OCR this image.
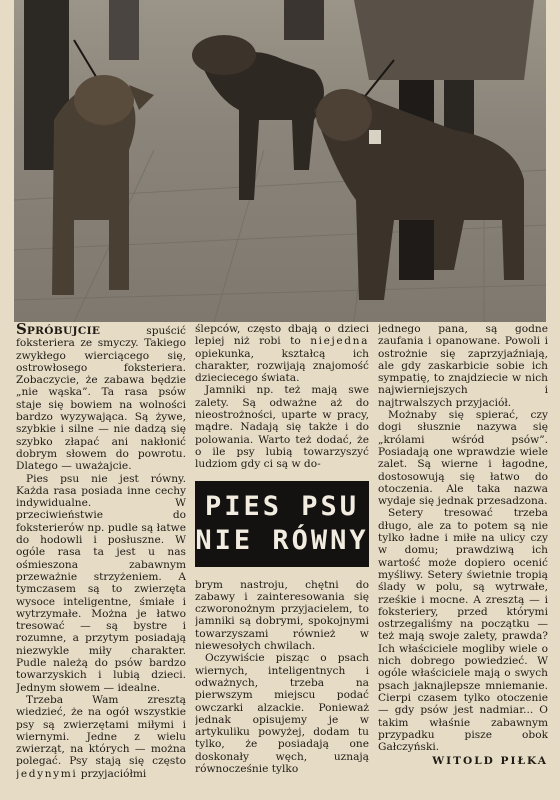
SPRÓBUJCIE spuścić foksteriera ze smyczy. Takiego zwykłego wierciącego się, ostrowłosego foksteriera. Zobaczycie, że zabawa będzie „nie wąska”. Ta rasa psów staje się bowiem na wolności bardzo wyzywająca. Są żywe, szybkie i silne — nie dadzą się szybko złapać ani nakłonić dobrym słowem do powrotu. Dlatego — uważajcie.

Pies psu nie jest równy. Każda rasa posiada inne cechy indywidualne. W przeciwieństwie do foksterierów np. pudle są łatwe do hodowli i posłuszne. W ogóle rasa ta jest u nas ośmieszona zabawnym przeważnie strzyżeniem. A tymczasem są to zwierzęta wysoce inteligentne, śmiałe i wytrzymałe. Można je łatwo tresować — są bystre i rozumne, a przytym posiadają niezwykle miły charakter. Pudle należą do psów bardzo towarzyskich i lubią dzieci. Jednym słowem — idealne.

Trzeba Wam zresztą wiedzieć, że na ogół wszystkie psy są zwierzętami miłymi i wiernymi. Jedne z wielu zwierząt, na których — można polegać. Psy stają się często jedynymi przyjaciółmi

ślepców, często dbają o dzieci lepiej niż robi to niejedna opiekunka, kształcą ich charakter, rozwijają znajomość dzieciecego świata.

Jamniki np. też mają swe zalety. Są odważne aż do nieostrożności, uparte w pracy, mądre. Nadają się także i do polowania. Warto też dodać, że o ile psy lubią towarzyszyć ludziom gdy ci są w do-

PIES PSU
NIE RÓWNY

brym nastroju, chętni do zabawy i zainteresowania się czworonożnym przyjacielem, to jamniki są dobrymi, spokojnymi towarzyszami również w niewesołych chwilach.

Oczywiście pisząc o psach wiernych, inteligentnych i odważnych, trzeba na pierwszym miejscu podać owczarki alzackie. Ponieważ jednak opisujemy je w artykuliku powyżej, dodam tu tylko, że posiadają one doskonały węch, uznają równocześnie tylko

jednego pana, są godne zaufania i opanowane. Powoli i ostrożnie się zaprzyjaźniają, ale gdy zaskarbicie sobie ich sympatię, to znajdziecie w nich najwierniejszych i najtrwalszych przyjaciół.

Możnaby się spierać, czy dogi słusznie nazywa się „królami wśród psów”. Posiadają one wprawdzie wiele zalet. Są wierne i łagodne, dostosowują się łatwo do otoczenia. Ale taka nazwa wydaje się jednak przesadzona.

Setery tresować trzeba długo, ale za to potem są nie tylko ładne i miłe na ulicy czy w domu; prawdziwą ich wartość może dopiero ocenić myśliwy. Setery świetnie tropią ślady w polu, są wytrwałe, rześkie i mocne. A zresztą — i foksteriery, przed którymi ostrzegaliśmy na początku — też mają swoje zalety, prawda? Ich właściciele mogliby wiele o nich dobrego powiedzieć. W ogóle właściciele mają o swych psach jaknajlepsze mniemanie. Cierpi czasem tylko otoczenie — gdy psów jest nadmiar... O takim właśnie zabawnym przypadku pisze obok Gałczyński.

WITOLD PIŁKA
